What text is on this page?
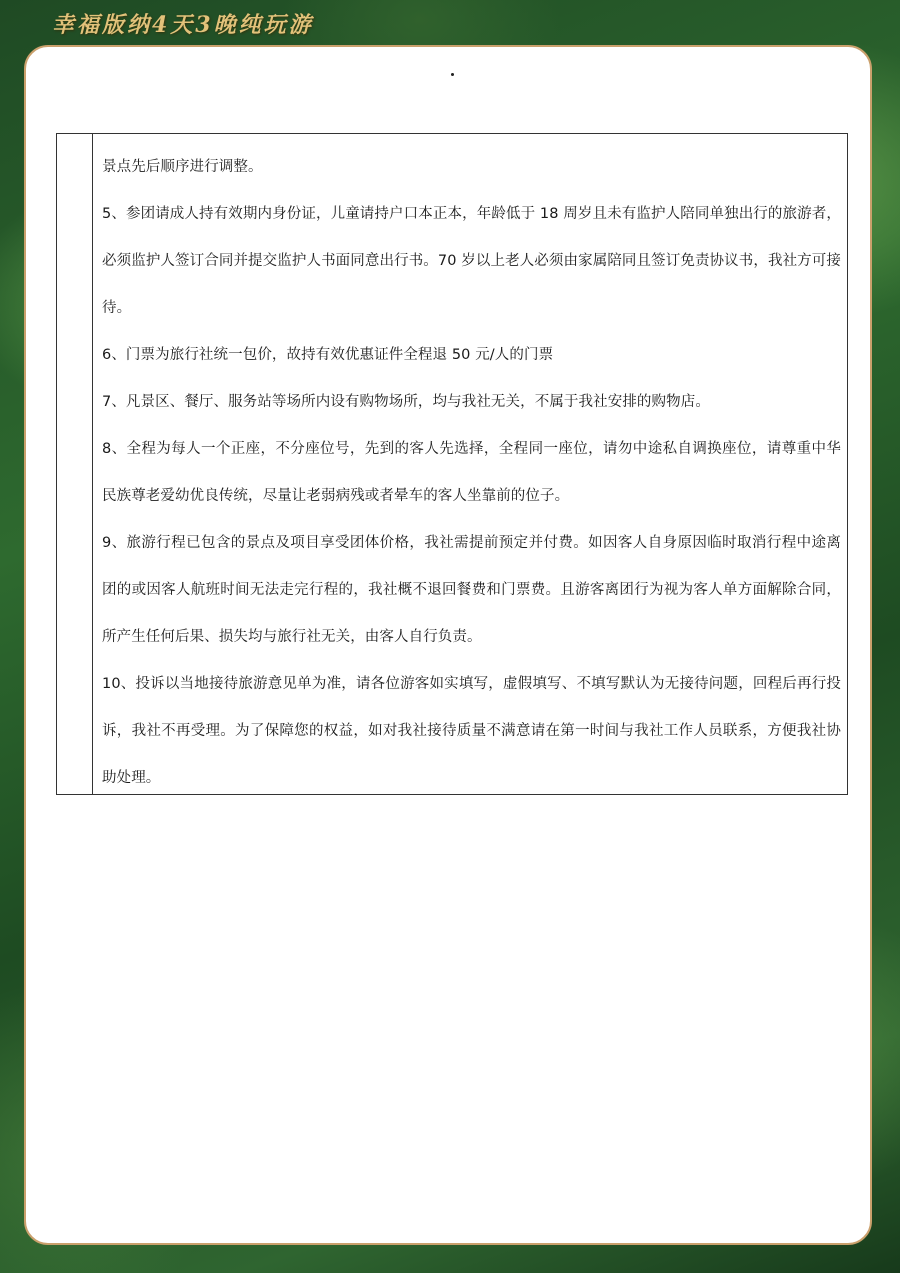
幸福版纳4天3晚纯玩游

景点先后顺序进行调整。

5、参团请成人持有效期内身份证，儿童请持户口本正本，年龄低于 18 周岁且未有监护人陪同单独出行的旅游者，必须监护人签订合同并提交监护人书面同意出行书。70 岁以上老人必须由家属陪同且签订免责协议书，我社方可接待。

6、门票为旅行社统一包价，故持有效优惠证件全程退 50 元/人的门票

7、凡景区、餐厅、服务站等场所内设有购物场所，均与我社无关，不属于我社安排的购物店。

8、全程为每人一个正座，不分座位号，先到的客人先选择，全程同一座位，请勿中途私自调换座位，请尊重中华民族尊老爱幼优良传统，尽量让老弱病残或者晕车的客人坐靠前的位子。

9、旅游行程已包含的景点及项目享受团体价格，我社需提前预定并付费。如因客人自身原因临时取消行程中途离团的或因客人航班时间无法走完行程的，我社概不退回餐费和门票费。且游客离团行为视为客人单方面解除合同，所产生任何后果、损失均与旅行社无关，由客人自行负责。

10、投诉以当地接待旅游意见单为准，请各位游客如实填写，虚假填写、不填写默认为无接待问题，回程后再行投诉，我社不再受理。为了保障您的权益，如对我社接待质量不满意请在第一时间与我社工作人员联系，方便我社协助处理。
